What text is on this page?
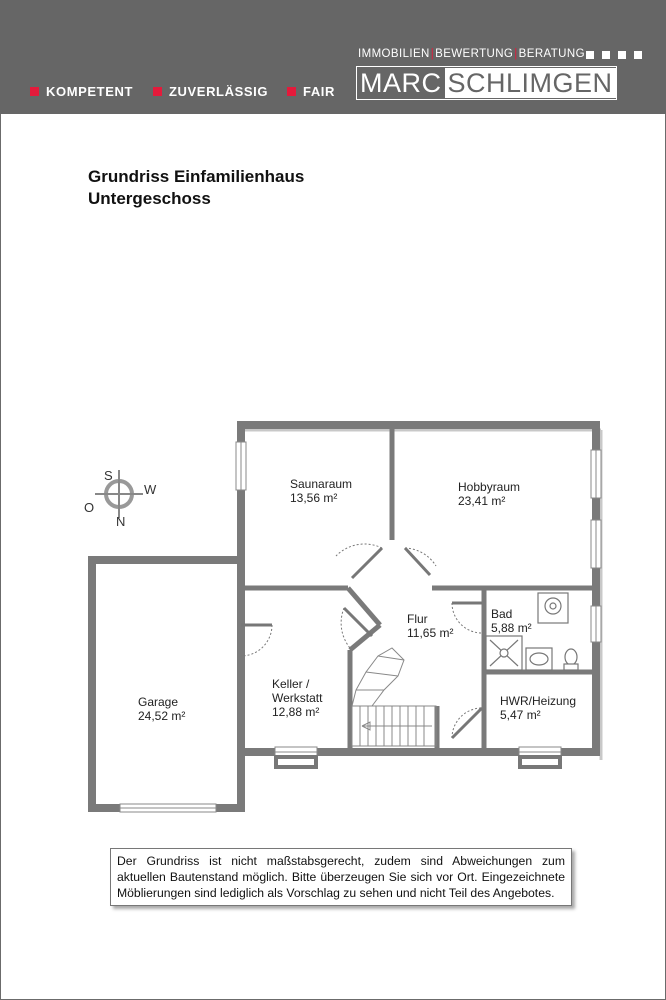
KOMPETENT	ZUVERLÄSSIG	FAIR
IMMOBILIEN|BEWERTUNG|BERATUNG
MARC SCHLIMGEN
Grundriss Einfamilienhaus
Untergeschoss
S
W
O
N
Saunaraum
13,56 m²
Hobbyraum
23,41 m²
Flur
11,65 m²
Bad
5,88 m²
Keller /
Werkstatt
12,88 m²
HWR/Heizung
5,47 m²
Garage
24,52 m²
Der Grundriss ist nicht maßstabsgerecht, zudem sind Abweichungen zum aktuellen Bautenstand möglich. Bitte überzeugen Sie sich vor Ort. Eingezeichnete Möblierungen sind lediglich als Vorschlag zu sehen und nicht Teil des Angebotes.
